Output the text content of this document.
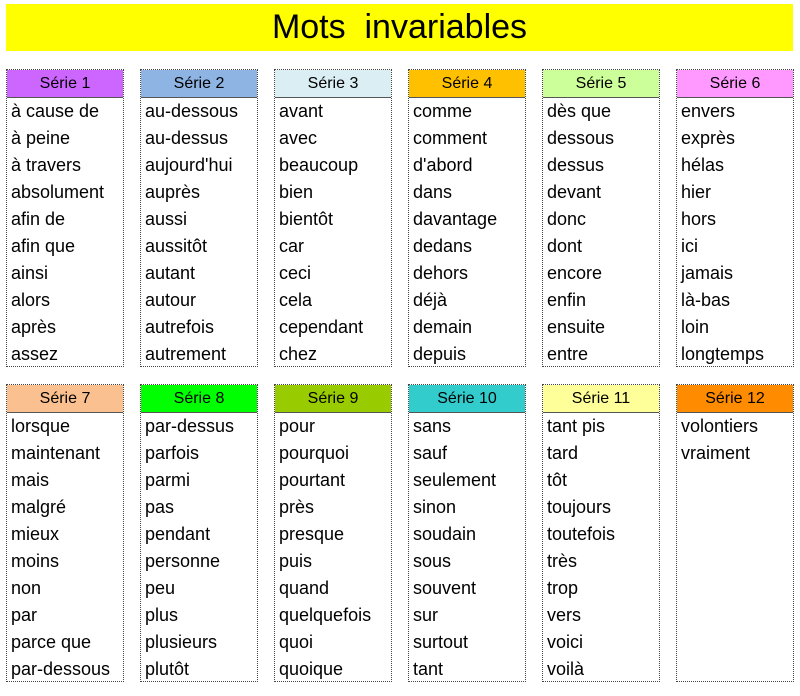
Mots  invariables
Série 1
à cause de
à peine
à travers
absolument
afin de
afin que
ainsi
alors
après
assez
Série 2
au-dessous
au-dessus
aujourd'hui
auprès
aussi
aussitôt
autant
autour
autrefois
autrement
Série 3
avant
avec
beaucoup
bien
bientôt
car
ceci
cela
cependant
chez
Série 4
comme
comment
d'abord
dans
davantage
dedans
dehors
déjà
demain
depuis
Série 5
dès que
dessous
dessus
devant
donc
dont
encore
enfin
ensuite
entre
Série 6
envers
exprès
hélas
hier
hors
ici
jamais
là-bas
loin
longtemps
Série 7
lorsque
maintenant
mais
malgré
mieux
moins
non
par
parce que
par-dessous
Série 8
par-dessus
parfois
parmi
pas
pendant
personne
peu
plus
plusieurs
plutôt
Série 9
pour
pourquoi
pourtant
près
presque
puis
quand
quelquefois
quoi
quoique
Série 10
sans
sauf
seulement
sinon
soudain
sous
souvent
sur
surtout
tant
Série 11
tant pis
tard
tôt
toujours
toutefois
très
trop
vers
voici
voilà
Série 12
volontiers
vraiment
